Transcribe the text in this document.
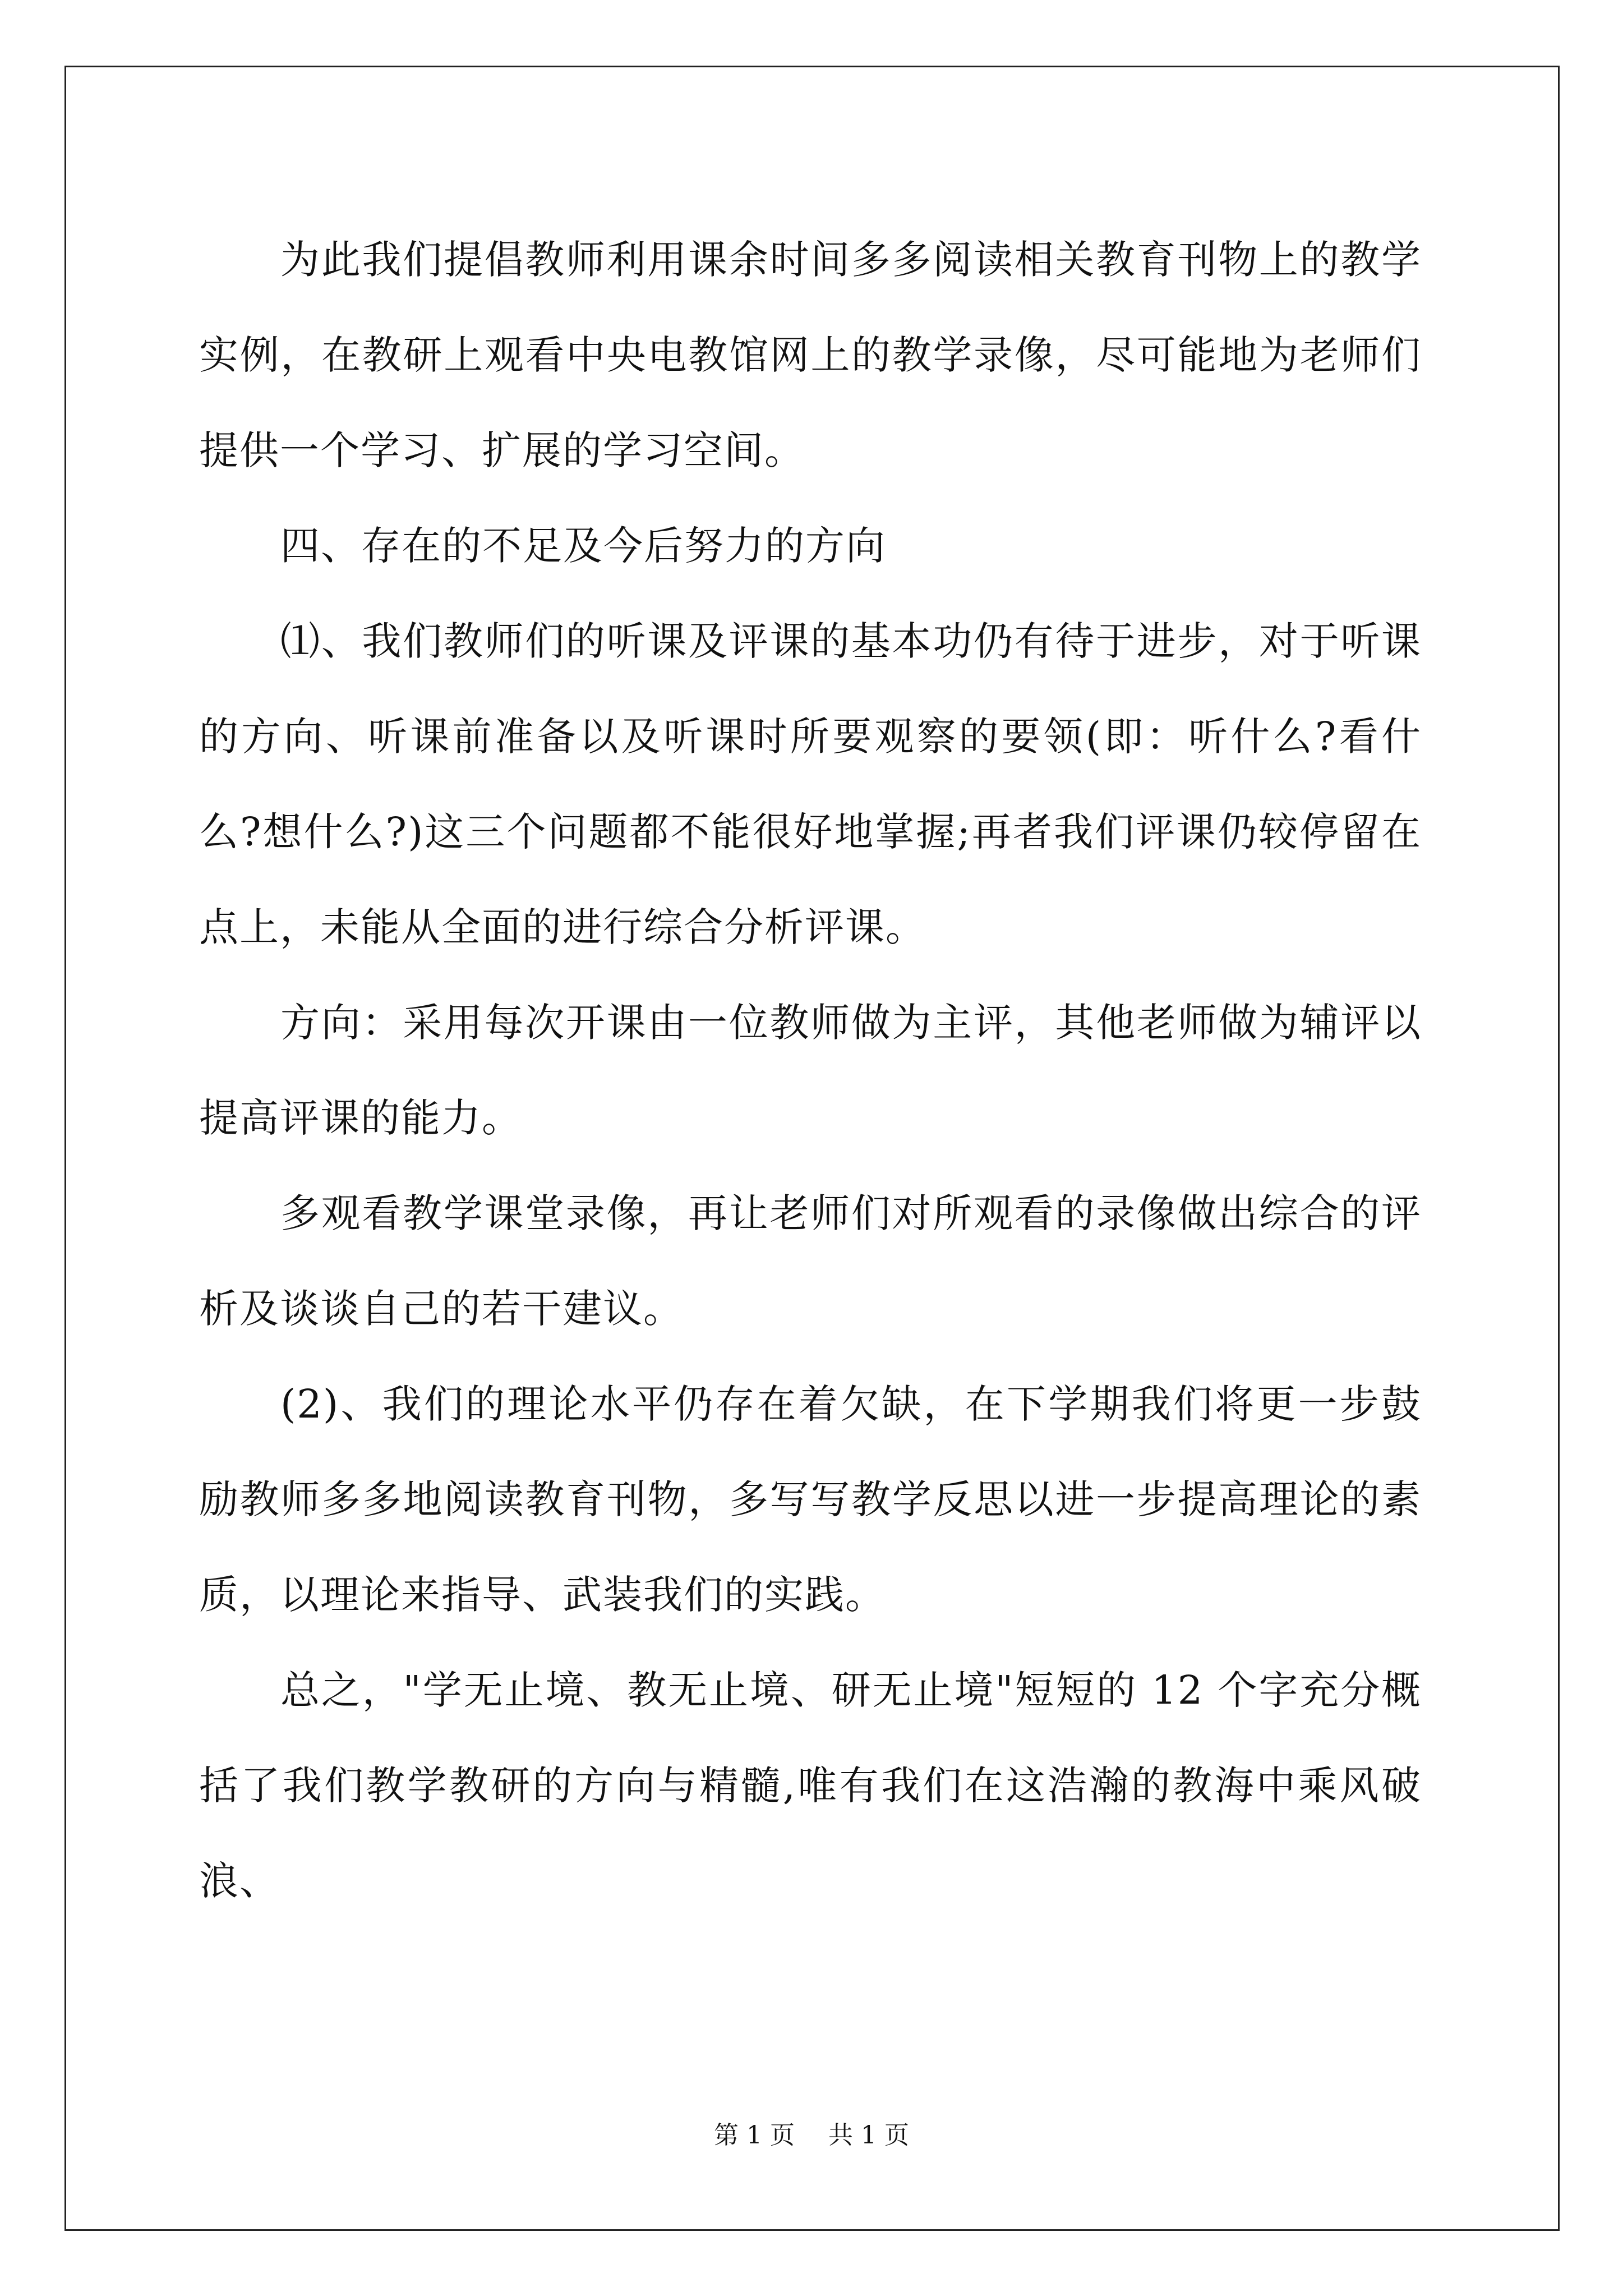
为此我们提倡教师利用课余时间多多阅读相关教育刊物上的教学实例，在教研上观看中央电教馆网上的教学录像，尽可能地为老师们提供一个学习、扩展的学习空间。

四、存在的不足及今后努力的方向

⑴、我们教师们的听课及评课的基本功仍有待于进步，对于听课的方向、听课前准备以及听课时所要观察的要领(即：听什么?看什么?想什么?)这三个问题都不能很好地掌握;再者我们评课仍较停留在点上，未能从全面的进行综合分析评课。

方向：采用每次开课由一位教师做为主评，其他老师做为辅评以提高评课的能力。

多观看教学课堂录像，再让老师们对所观看的录像做出综合的评析及谈谈自己的若干建议。

(2)、我们的理论水平仍存在着欠缺，在下学期我们将更一步鼓励教师多多地阅读教育刊物，多写写教学反思以进一步提高理论的素质，以理论来指导、武装我们的实践。

总之，"学无止境、教无止境、研无止境"短短的 12 个字充分概括了我们教学教研的方向与精髓,唯有我们在这浩瀚的教海中乘风破浪、

第 1 页 共 1 页
